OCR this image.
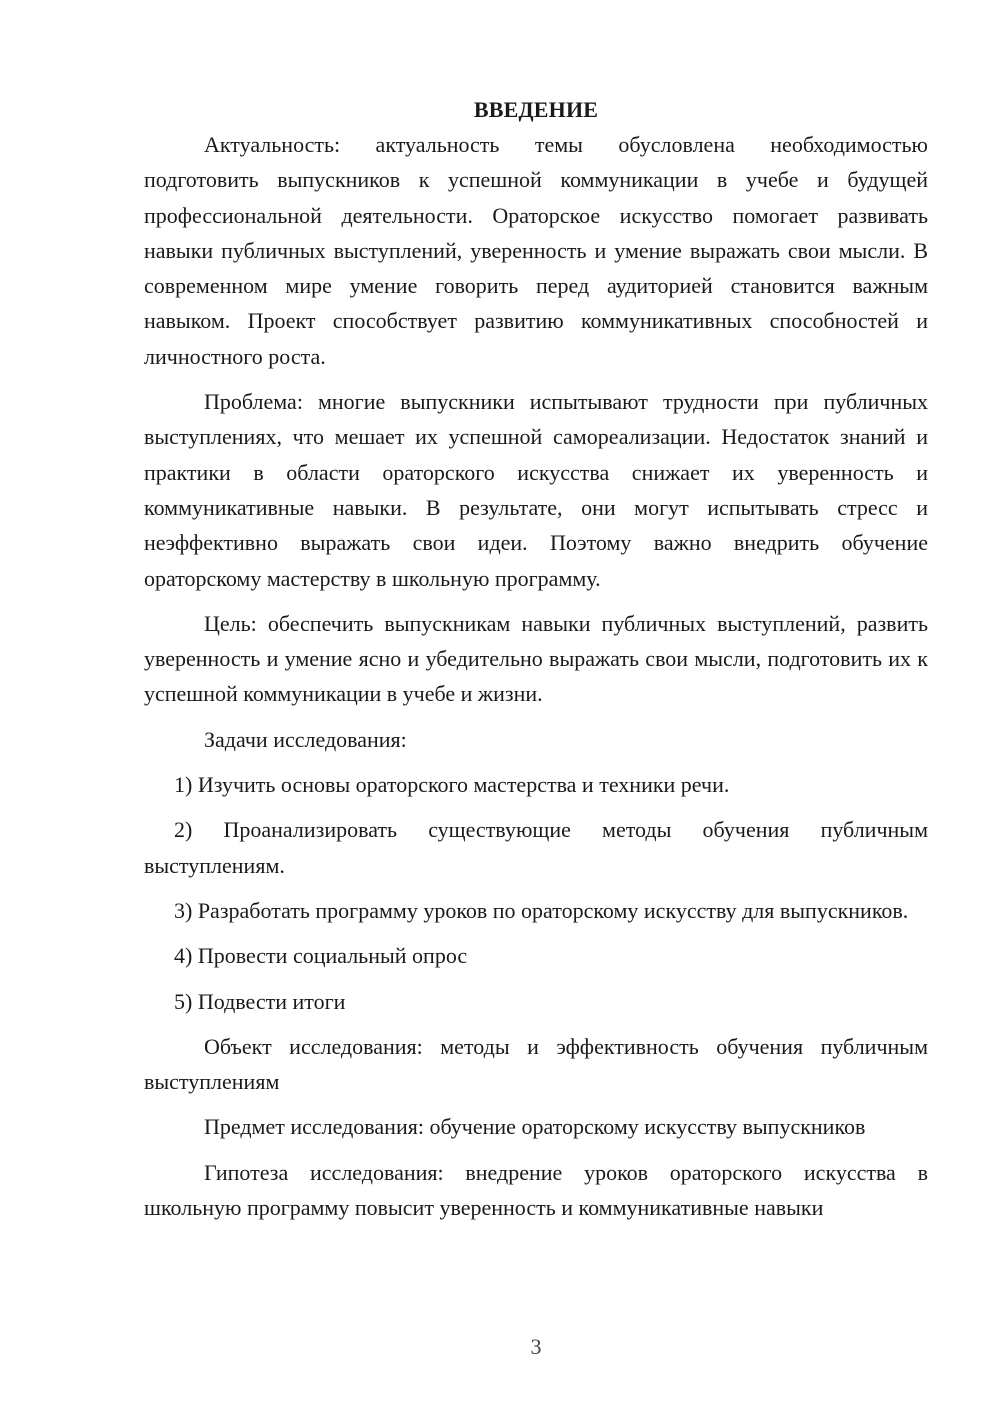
ВВЕДЕНИЕ

Актуальность: актуальность темы обусловлена необходимостью подготовить выпускников к успешной коммуникации в учебе и будущей профессиональной деятельности. Ораторское искусство помогает развивать навыки публичных выступлений, уверенность и умение выражать свои мысли. В современном мире умение говорить перед аудиторией становится важным навыком. Проект способствует развитию коммуникативных способностей и личностного роста.

Проблема: многие выпускники испытывают трудности при публичных выступлениях, что мешает их успешной самореализации. Недостаток знаний и практики в области ораторского искусства снижает их уверенность и коммуникативные навыки. В результате, они могут испытывать стресс и неэффективно выражать свои идеи. Поэтому важно внедрить обучение ораторскому мастерству в школьную программу.

Цель: обеспечить выпускникам навыки публичных выступлений, развить уверенность и умение ясно и убедительно выражать свои мысли, подготовить их к успешной коммуникации в учебе и жизни.

Задачи исследования:

1) Изучить основы ораторского мастерства и техники речи.

2) Проанализировать существующие методы обучения публичным выступлениям.

3) Разработать программу уроков по ораторскому искусству для выпускников.

4) Провести социальный опрос

5) Подвести итоги

Объект исследования: методы и эффективность обучения публичным выступлениям

Предмет исследования: обучение ораторскому искусству выпускников

Гипотеза исследования: внедрение уроков ораторского искусства в школьную программу повысит уверенность и коммуникативные навыки

3
